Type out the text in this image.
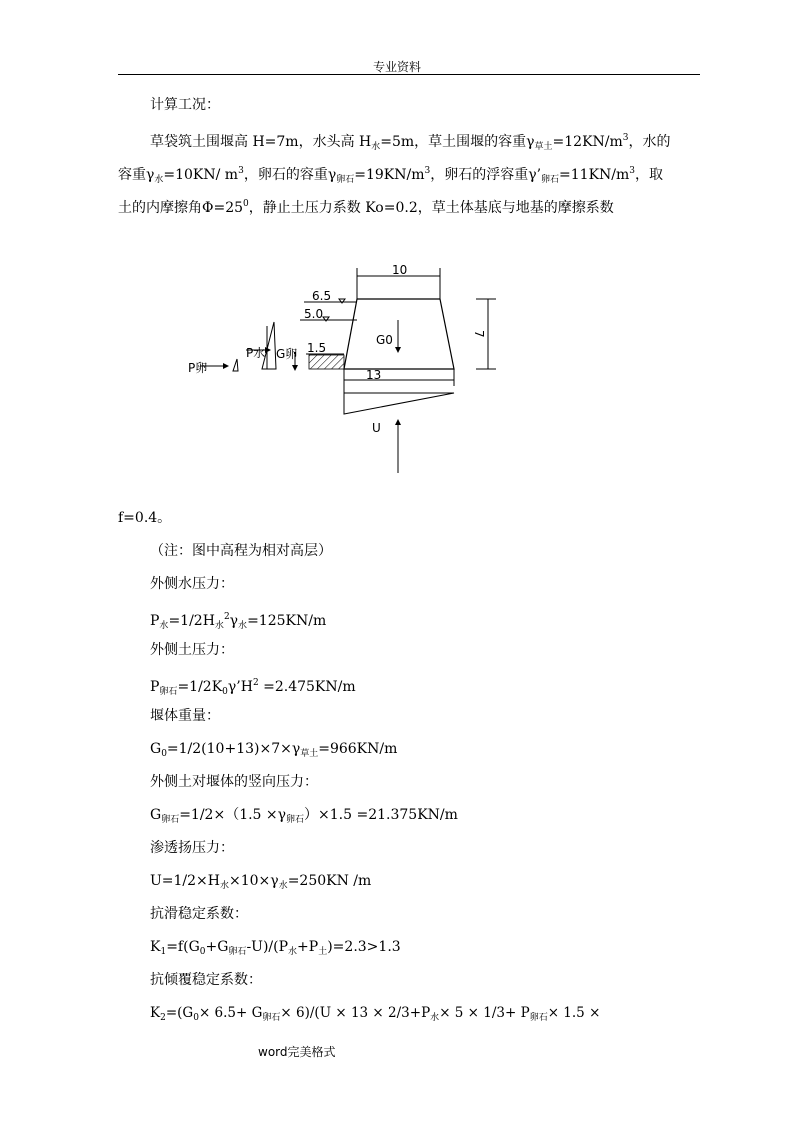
专业资料
计算工况：
草袋筑土围堰高 H=7m，水头高 $H_水=5m$，草土围堰的容重$\gamma_{草土}=12KN/m^3$，水的
容重$\gamma_水=10KN/$ $m^3$，卵石的容重$\gamma_{卵石}=19KN/m^3$，卵石的浮容重$\gamma’_{卵石}=11KN/m^3$，取
土的内摩擦角$\Phi=25^0$，静止土压力系数 Ko=0.2，草土体基底与地基的摩擦系数
10
7
13
G0
6.5
5.0
1.5
P卵
P水 G卵
U
f=0.4。
（注：图中高程为相对高层）
外侧水压力：
$P_水=1/2H_水^2\gamma_水=125KN/m$
外侧土压力：
$P_{卵石}=1/2K_0\gamma’H^2 =2.475KN/m$
堰体重量：
$G_0=1/2(10+13)\times 7\times\gamma_{草土}=966KN/m$
外侧土对堰体的竖向压力：
$G_{卵石}=1/2\times(1.5 \times\gamma_{卵石})\times 1.5 =21.375KN/m$
渗透扬压力：
$U=1/2\times H_水\times 10\times\gamma_水=250KN$ /m
抗滑稳定系数：
$K_1=f(G_0+G_{卵石}-U)/(P_水+P_土)=2.3>1.3$
抗倾覆稳定系数：
$K_2=(G_0\times 6.5+ G_{卵石}\times 6)/(U \times 13 \times 2/3+P_水\times 5 \times 1/3+ P_{卵石}\times 1.5$ ×
word完美格式
